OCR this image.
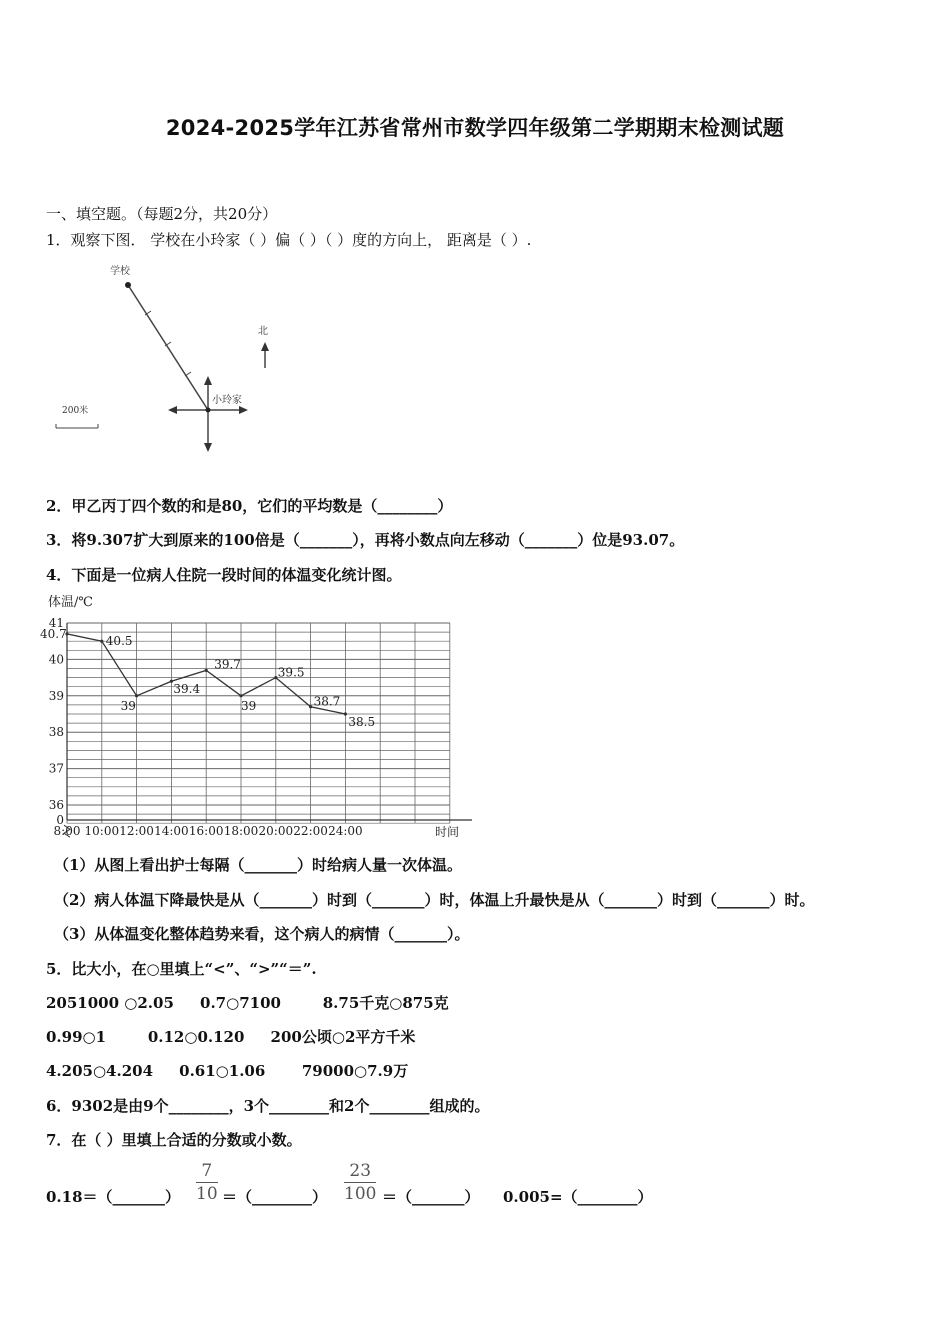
2024-2025学年江苏省常州市数学四年级第二学期期末检测试题
一、填空题。（每题2分，共20分）
1．观察下图． 学校在小玲家（ ）偏（ ）（ ）度的方向上， 距离是（ ）.
学校
小玲家
北
200米
2．甲乙丙丁四个数的和是80，它们的平均数是（________）
3．将9.307扩大到原来的100倍是（_______），再将小数点向左移动（_______）位是93.07。
4．下面是一位病人住院一段时间的体温变化统计图。
41
40
39
38
37
36
0
8:00 10:00 12:00 14:00 16:00 18:00 20:00 22:00 24:00
40.7
40.5
39
39.4
39.7
39
39.5
38.7
38.5
体温/℃
时间
（1）从图上看出护士每隔（_______）时给病人量一次体温。
（2）病人体温下降最快是从（_______）时到（_______）时，体温上升最快是从（_______）时到（_______）时。
（3）从体温变化整体趋势来看，这个病人的病情（_______）。
5．比大小，在○里填上“<”、“>”“＝”.
2051000 ○2.05     0.7○7100        8.75千克○875克
0.99○1        0.12○0.120     200公顷○2平方千米
4.205○4.204     0.61○1.06       79000○7.9万
6．9302是由9个________，3个________和2个________组成的。
7．在（ ）里填上合适的分数或小数。
0.18＝（_______） $\frac{7}{10}$ ＝（________） $\frac{23}{100}$ ＝（_______） 0.005=（________）
